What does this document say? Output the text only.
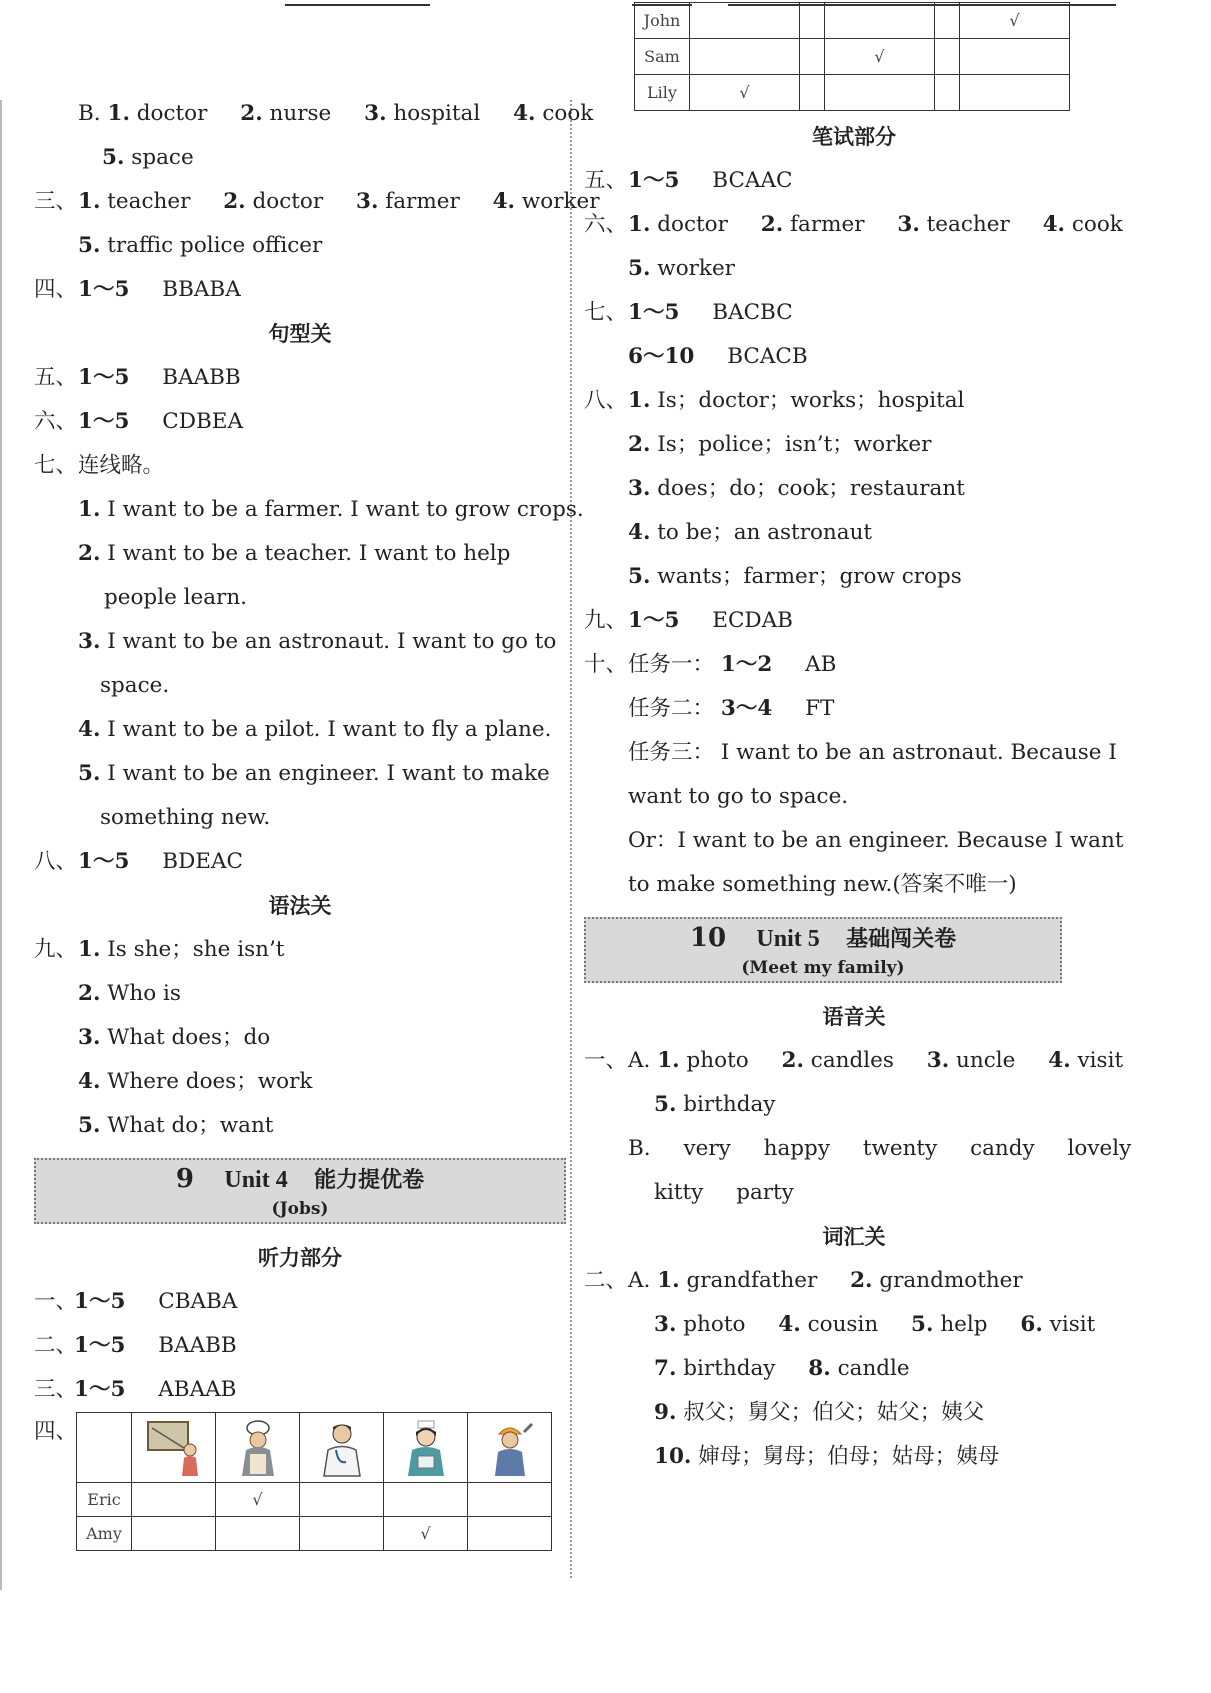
B. 1. doctor 2. nurse 3. hospital 4. cook
5. space
三、 1. teacher 2. doctor 3. farmer 4. worker
5. traffic police officer
四、 1～5 BBABA
句型关
五、 1～5 BAABB
六、 1～5 CDBEA
七、 连线略。
1. I want to be a farmer. I want to grow crops.
2. I want to be a teacher. I want to help
people learn.
3. I want to be an astronaut. I want to go to
space.
4. I want to be a pilot. I want to fly a plane.
5. I want to be an engineer. I want to make
something new.
八、 1～5 BDEAC
语法关
九、 1. Is she；she isn’t
2. Who is
3. What does；do
4. Where does；work
5. What do；want
9 Unit 4 能力提优卷
(Jobs)
听力部分
一、
1～5 CBABA
二、
1～5 BAABB
三、
1～5 ABAAB
四、

Eric		√			
Amy				√	
John					√
Sam			√		
Lily	√				
笔试部分
五、 1～5 BCAAC
六、 1. doctor 2. farmer 3. teacher 4. cook
5. worker
七、 1～5 BACBC
6～10 BCACB
八、 1. Is；doctor；works；hospital
2. Is；police；isn’t；worker
3. does；do；cook；restaurant
4. to be；an astronaut
5. wants；farmer；grow crops
九、 1～5 ECDAB
十、 任务一： 1～2 AB
任务二： 3～4 FT
任务三： I want to be an astronaut. Because I
want to go to space.
Or：I want to be an engineer. Because I want
to make something new.(答案不唯一)
10 Unit 5 基础闯关卷
(Meet my family)
语音关
一、 A. 1. photo 2. candles 3. uncle 4. visit
5. birthday
B. very happy twenty candy lovely
kitty party
词汇关
二、 A. 1. grandfather 2. grandmother
3. photo 4. cousin 5. help 6. visit
7. birthday 8. candle
9. 叔父；舅父；伯父；姑父；姨父
10. 婶母；舅母；伯母；姑母；姨母
